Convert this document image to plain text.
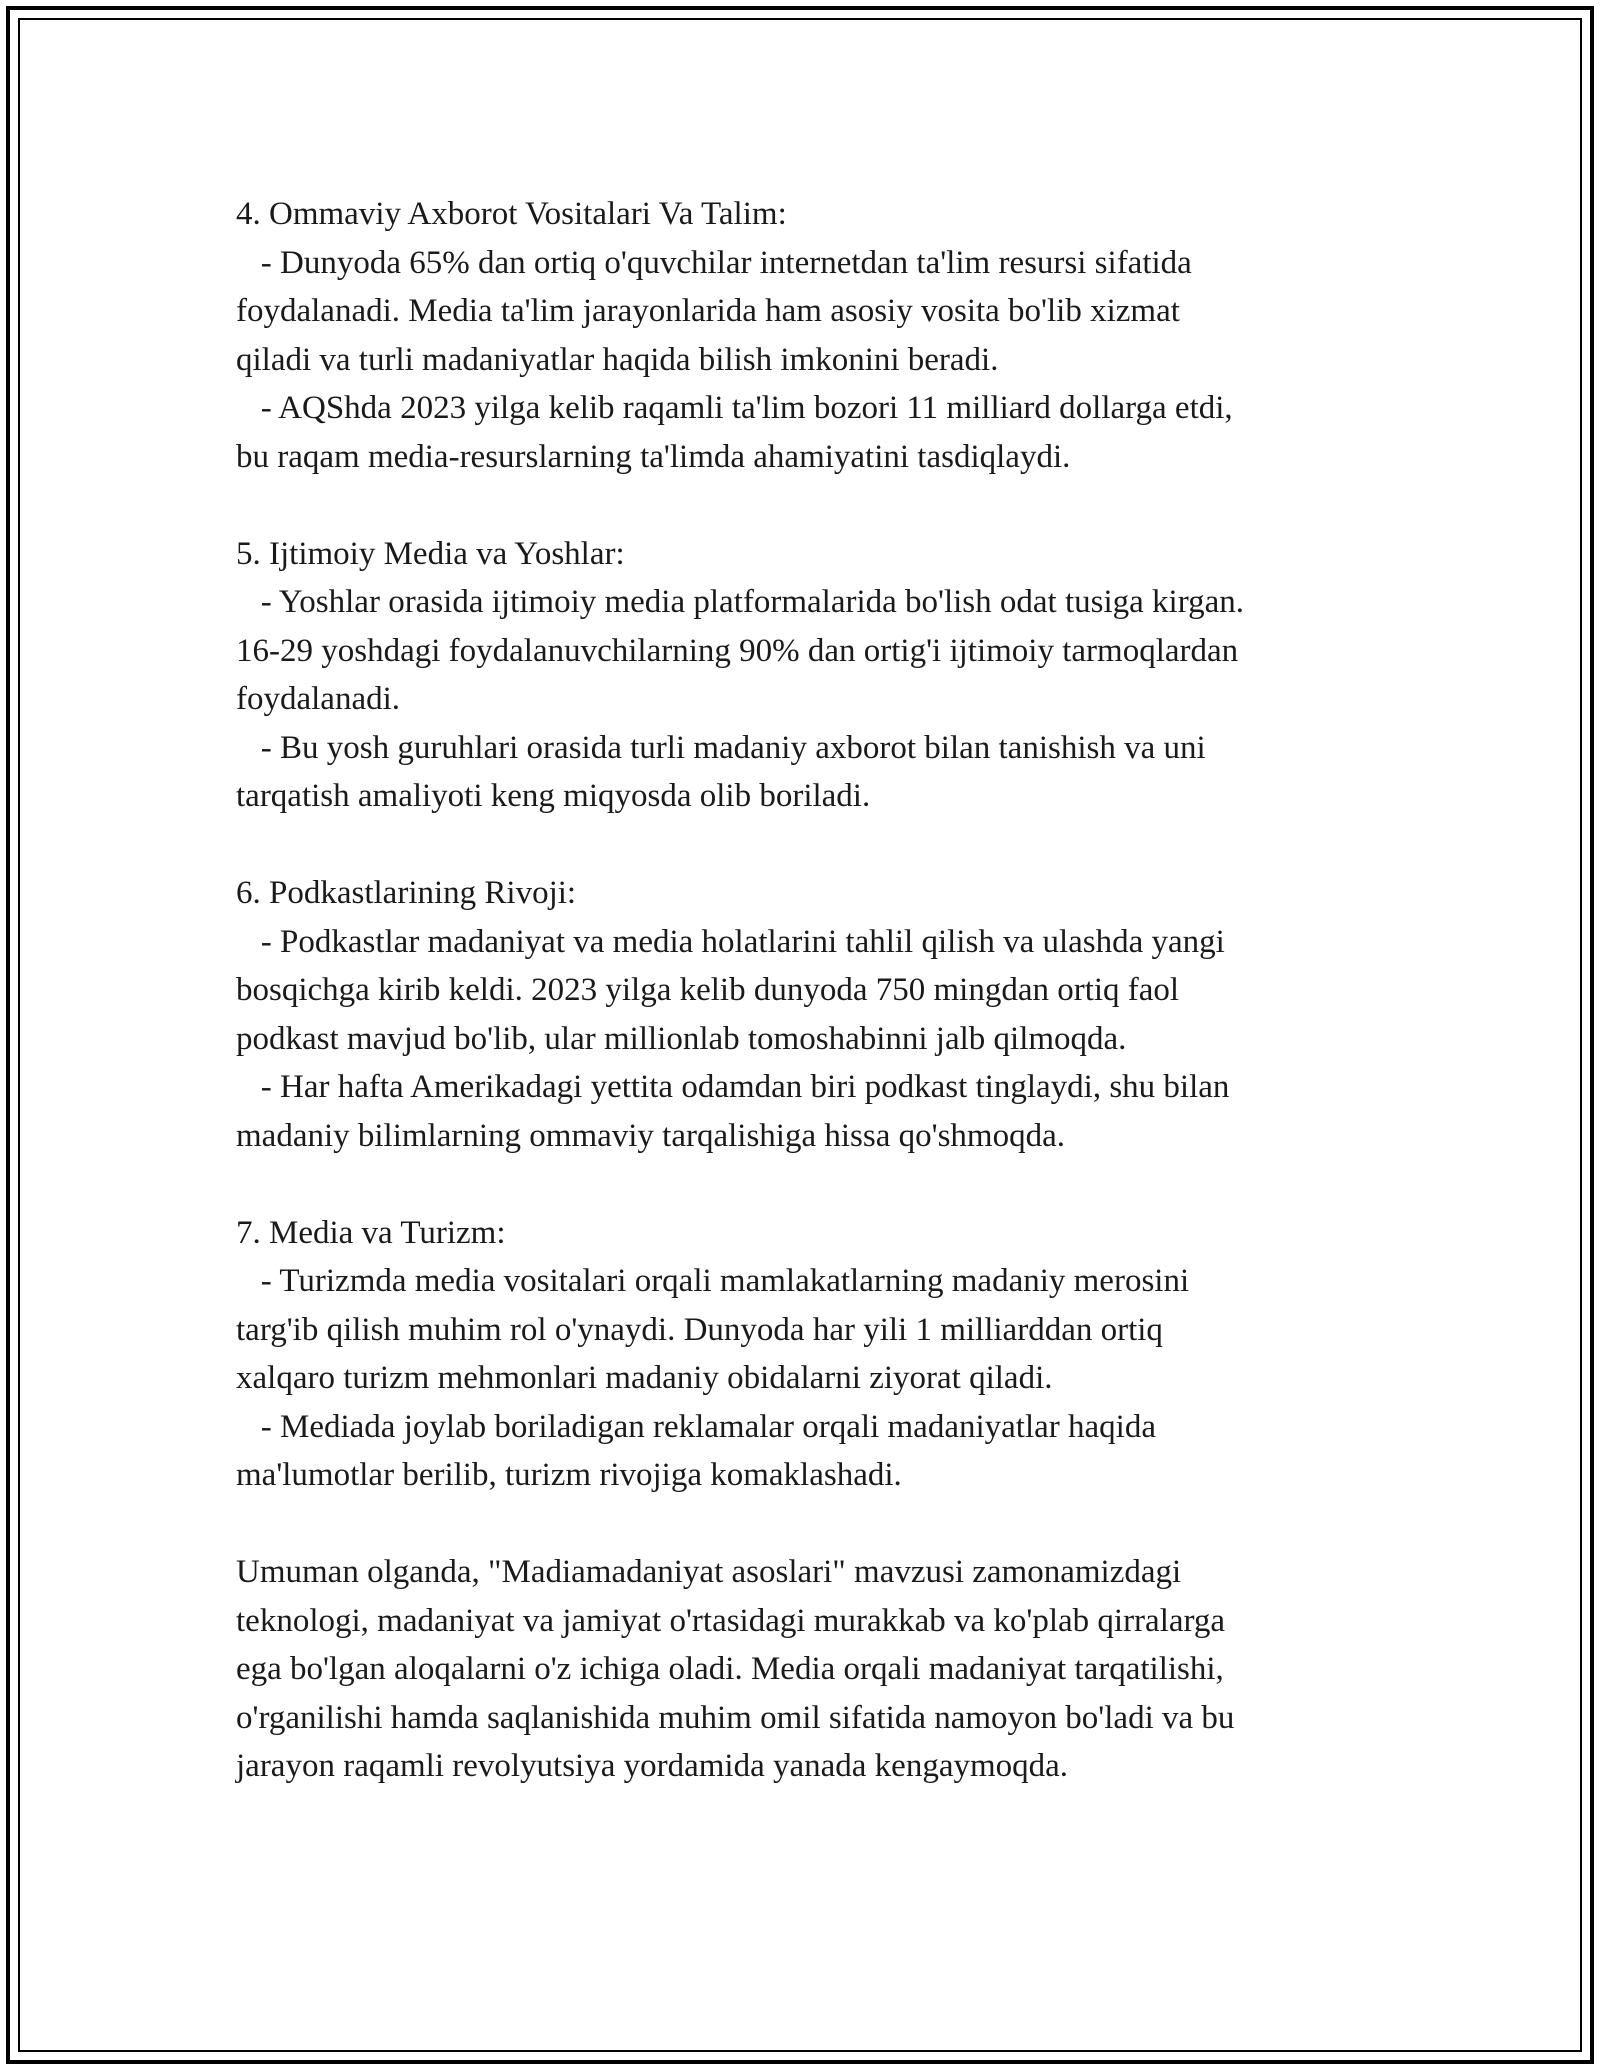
4. Ommaviy Axborot Vositalari Va Talim:

- Dunyoda 65% dan ortiq o'quvchilar internetdan ta'lim resursi sifatida

foydalanadi. Media ta'lim jarayonlarida ham asosiy vosita bo'lib xizmat

qiladi va turli madaniyatlar haqida bilish imkonini beradi.

- AQShda 2023 yilga kelib raqamli ta'lim bozori 11 milliard dollarga etdi,

bu raqam media-resurslarning ta'limda ahamiyatini tasdiqlaydi.

5. Ijtimoiy Media va Yoshlar:

- Yoshlar orasida ijtimoiy media platformalarida bo'lish odat tusiga kirgan.

16-29 yoshdagi foydalanuvchilarning 90% dan ortig'i ijtimoiy tarmoqlardan

foydalanadi.

- Bu yosh guruhlari orasida turli madaniy axborot bilan tanishish va uni

tarqatish amaliyoti keng miqyosda olib boriladi.

6. Podkastlarining Rivoji:

- Podkastlar madaniyat va media holatlarini tahlil qilish va ulashda yangi

bosqichga kirib keldi. 2023 yilga kelib dunyoda 750 mingdan ortiq faol

podkast mavjud bo'lib, ular millionlab tomoshabinni jalb qilmoqda.

- Har hafta Amerikadagi yettita odamdan biri podkast tinglaydi, shu bilan

madaniy bilimlarning ommaviy tarqalishiga hissa qo'shmoqda.

7. Media va Turizm:

- Turizmda media vositalari orqali mamlakatlarning madaniy merosini

targ'ib qilish muhim rol o'ynaydi. Dunyoda har yili 1 milliarddan ortiq

xalqaro turizm mehmonlari madaniy obidalarni ziyorat qiladi.

- Mediada joylab boriladigan reklamalar orqali madaniyatlar haqida

ma'lumotlar berilib, turizm rivojiga komaklashadi.

Umuman olganda, "Madiamadaniyat asoslari" mavzusi zamonamizdagi

teknologi, madaniyat va jamiyat o'rtasidagi murakkab va ko'plab qirralarga

ega bo'lgan aloqalarni o'z ichiga oladi. Media orqali madaniyat tarqatilishi,

o'rganilishi hamda saqlanishida muhim omil sifatida namoyon bo'ladi va bu

jarayon raqamli revolyutsiya yordamida yanada kengaymoqda.
